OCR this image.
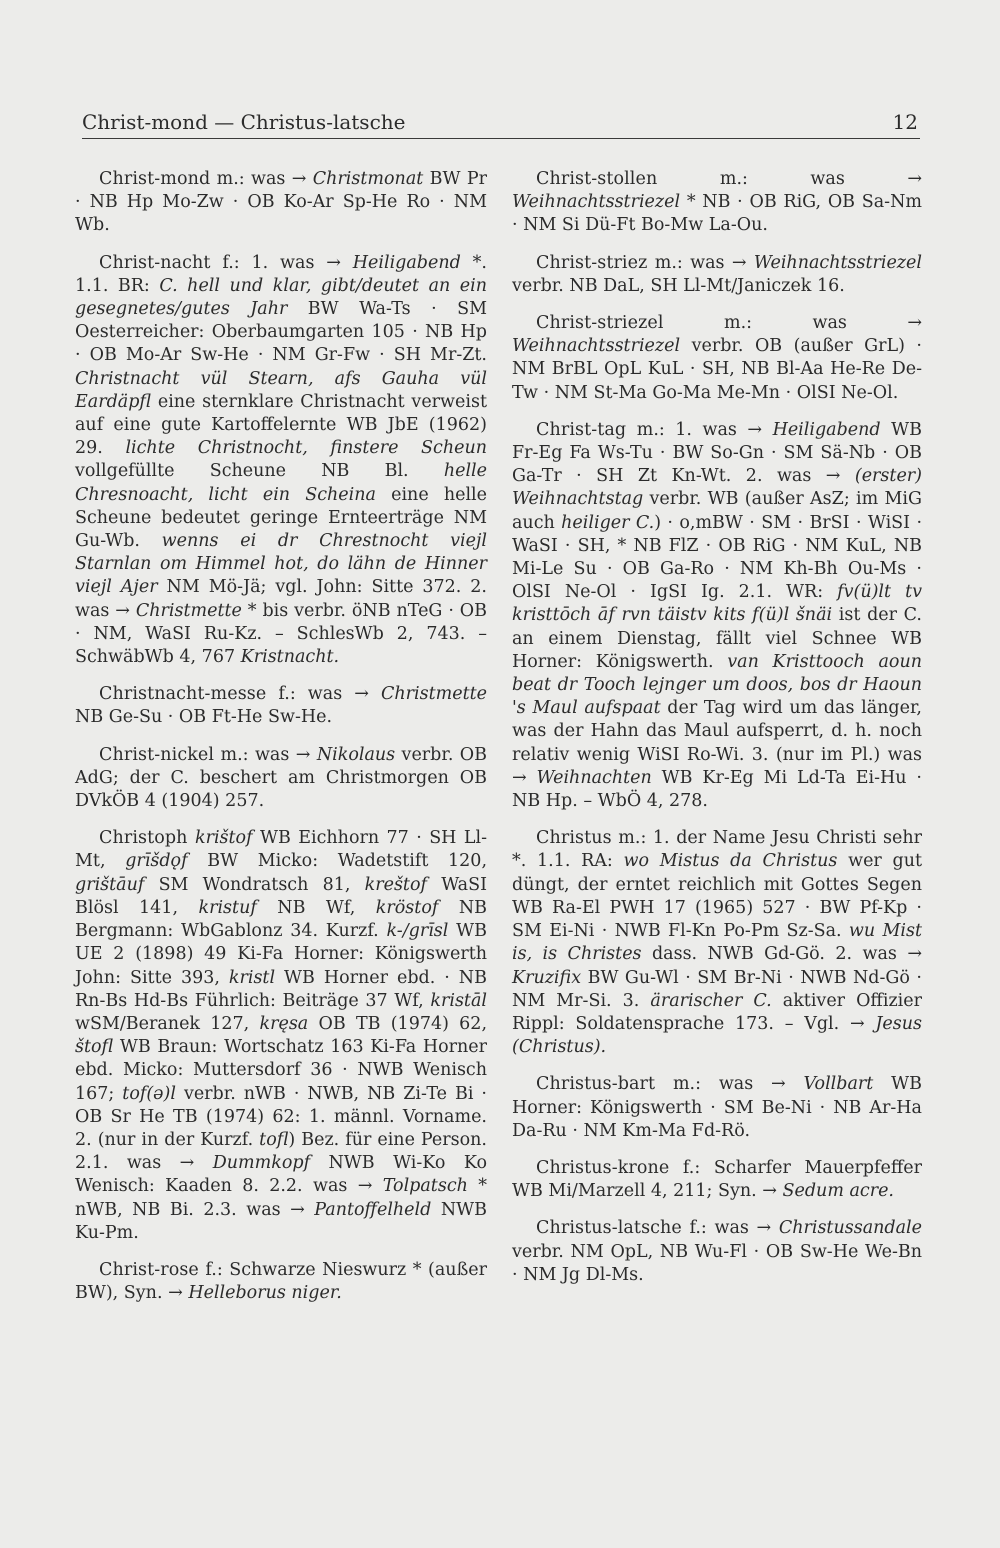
Christ-mond — Christus-latsche	12

Christ-mond m.: was → Christmonat BW Pr · NB Hp Mo-Zw · OB Ko-Ar Sp-He Ro · NM Wb.

Christ-nacht f.: 1. was → Heiligabend *. 1.1. BR: C. hell und klar, gibt/deutet an ein gesegnetes/gutes Jahr BW Wa-Ts · SM Oesterreicher: Oberbaumgarten 105 · NB Hp · OB Mo-Ar Sw-He · NM Gr-Fw · SH Mr-Zt. Christnacht vül Stearn, afs Gauha vül Eardäpfl eine sternklare Christnacht verweist auf eine gute Kartoffelernte WB JbE (1962) 29. lichte Christnocht, finstere Scheun vollgefüllte Scheune NB Bl. helle Chresnoacht, licht ein Scheina eine helle Scheune bedeutet geringe Ernteerträge NM Gu-Wb. wenns ei dr Chrestnocht viejl Starnlan om Himmel hot, do lähn de Hinner viejl Ajer NM Mö-Jä; vgl. John: Sitte 372. 2. was → Christmette * bis verbr. öNB nTeG · OB · NM, WaSI Ru-Kz. – SchlesWb 2, 743. – SchwäbWb 4, 767 Kristnacht.

Christnacht-messe f.: was → Christmette NB Ge-Su · OB Ft-He Sw-He.

Christ-nickel m.: was → Nikolaus verbr. OB AdG; der C. beschert am Christmorgen OB DVkÖB 4 (1904) 257.

Christoph krištof WB Eichhorn 77 · SH Ll-Mt, grīšdǫf BW Micko: Wadetstift 120, grištāuf SM Wondratsch 81, kreštof WaSI Blösl 141, kristuf NB Wf, kröstof NB Bergmann: WbGablonz 34. Kurzf. k-/grīsl WB UE 2 (1898) 49 Ki-Fa Horner: Königswerth John: Sitte 393, kristl WB Horner ebd. · NB Rn-Bs Hd-Bs Führlich: Beiträge 37 Wf, kristāl wSM/Beranek 127, kręsa OB TB (1974) 62, štofl WB Braun: Wortschatz 163 Ki-Fa Horner ebd. Micko: Muttersdorf 36 · NWB Wenisch 167; tof(ə)l verbr. nWB · NWB, NB Zi-Te Bi · OB Sr He TB (1974) 62: 1. männl. Vorname. 2. (nur in der Kurzf. tofl) Bez. für eine Person. 2.1. was → Dummkopf NWB Wi-Ko Ko Wenisch: Kaaden 8. 2.2. was → Tolpatsch * nWB, NB Bi. 2.3. was → Pantoffelheld NWB Ku-Pm.

Christ-rose f.: Schwarze Nieswurz * (außer BW), Syn. → Helleborus niger.

Christ-stollen m.: was → Weihnachtsstriezel * NB · OB RiG, OB Sa-Nm · NM Si Dü-Ft Bo-Mw La-Ou.

Christ-striez m.: was → Weihnachtsstriezel verbr. NB DaL, SH Ll-Mt/Janiczek 16.

Christ-striezel m.: was → Weihnachtsstriezel verbr. OB (außer GrL) · NM BrBL OpL KuL · SH, NB Bl-Aa He-Re De-Tw · NM St-Ma Go-Ma Me-Mn · OlSI Ne-Ol.

Christ-tag m.: 1. was → Heiligabend WB Fr-Eg Fa Ws-Tu · BW So-Gn · SM Sä-Nb · OB Ga-Tr · SH Zt Kn-Wt. 2. was → (erster) Weihnachtstag verbr. WB (außer AsZ; im MiG auch heiliger C.) · o,mBW · SM · BrSI · WiSI · WaSI · SH, * NB FlZ · OB RiG · NM KuL, NB Mi-Le Su · OB Ga-Ro · NM Kh-Bh Ou-Ms · OlSI Ne-Ol · IgSI Ig. 2.1. WR: fv(ü)lt tv kristtōch āf rvn täistv kits f(ü)l šnäi ist der C. an einem Dienstag, fällt viel Schnee WB Horner: Königswerth. van Kristtooch aoun beat dr Tooch lejnger um doos, bos dr Haoun 's Maul aufspaat der Tag wird um das länger, was der Hahn das Maul aufsperrt, d. h. noch relativ wenig WiSI Ro-Wi. 3. (nur im Pl.) was → Weihnachten WB Kr-Eg Mi Ld-Ta Ei-Hu · NB Hp. – WbÖ 4, 278.

Christus m.: 1. der Name Jesu Christi sehr *. 1.1. RA: wo Mistus da Christus wer gut düngt, der erntet reichlich mit Gottes Segen WB Ra-El PWH 17 (1965) 527 · BW Pf-Kp · SM Ei-Ni · NWB Fl-Kn Po-Pm Sz-Sa. wu Mist is, is Christes dass. NWB Gd-Gö. 2. was → Kruzifix BW Gu-Wl · SM Br-Ni · NWB Nd-Gö · NM Mr-Si. 3. ärarischer C. aktiver Offizier Rippl: Soldatensprache 173. – Vgl. → Jesus (Christus).

Christus-bart m.: was → Vollbart WB Horner: Königswerth · SM Be-Ni · NB Ar-Ha Da-Ru · NM Km-Ma Fd-Rö.

Christus-krone f.: Scharfer Mauerpfeffer WB Mi/Marzell 4, 211; Syn. → Sedum acre.

Christus-latsche f.: was → Christussandale verbr. NM OpL, NB Wu-Fl · OB Sw-He We-Bn · NM Jg Dl-Ms.
